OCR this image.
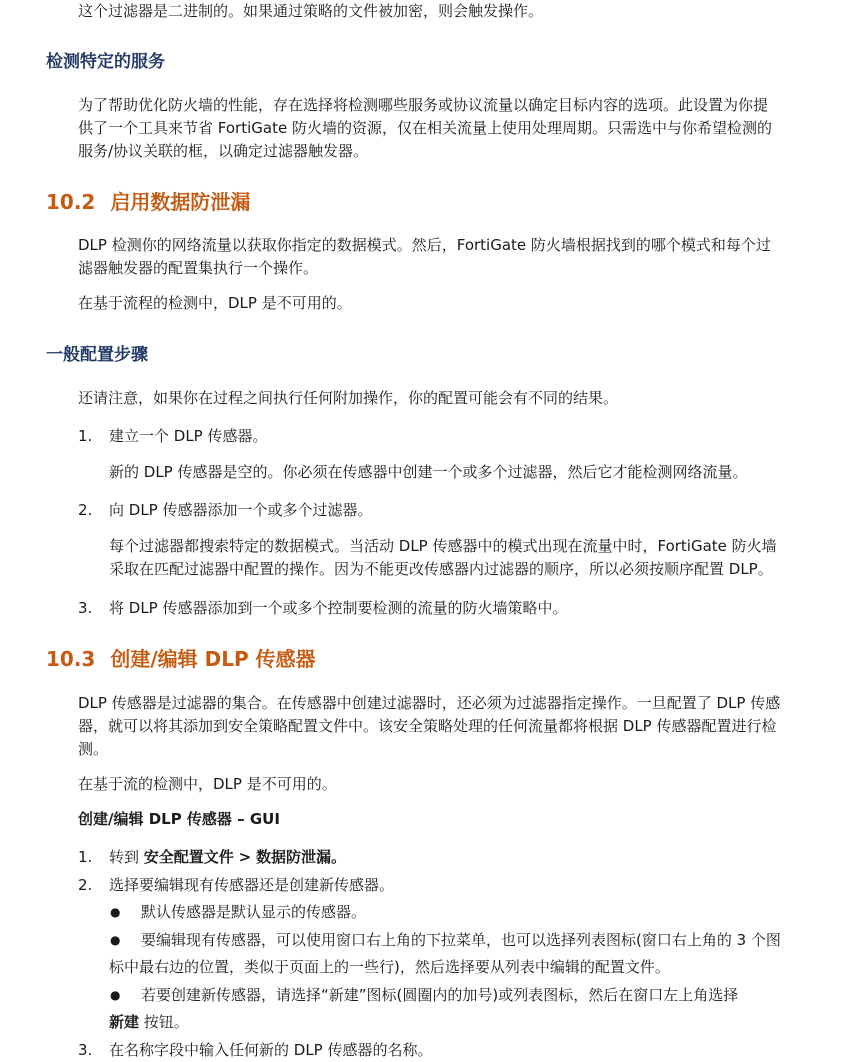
这个过滤器是二进制的。如果通过策略的文件被加密，则会触发操作。
检测特定的服务
为了帮助优化防火墙的性能，存在选择将检测哪些服务或协议流量以确定目标内容的选项。此设置为你提
供了一个工具来节省 FortiGate 防火墙的资源，仅在相关流量上使用处理周期。只需选中与你希望检测的
服务/协议关联的框，以确定过滤器触发器。
10.2 启用数据防泄漏
DLP 检测你的网络流量以获取你指定的数据模式。然后，FortiGate 防火墙根据找到的哪个模式和每个过
滤器触发器的配置集执行一个操作。
在基于流程的检测中，DLP 是不可用的。
一般配置步骤
还请注意，如果你在过程之间执行任何附加操作，你的配置可能会有不同的结果。
1. 建立一个 DLP 传感器。
新的 DLP 传感器是空的。你必须在传感器中创建一个或多个过滤器，然后它才能检测网络流量。
2. 向 DLP 传感器添加一个或多个过滤器。
每个过滤器都搜索特定的数据模式。当活动 DLP 传感器中的模式出现在流量中时，FortiGate 防火墙
采取在匹配过滤器中配置的操作。因为不能更改传感器内过滤器的顺序，所以必须按顺序配置 DLP。
3. 将 DLP 传感器添加到一个或多个控制要检测的流量的防火墙策略中。
10.3 创建/编辑 DLP 传感器
DLP 传感器是过滤器的集合。在传感器中创建过滤器时，还必须为过滤器指定操作。一旦配置了 DLP 传感
器，就可以将其添加到安全策略配置文件中。该安全策略处理的任何流量都将根据 DLP 传感器配置进行检
测。
在基于流的检测中，DLP 是不可用的。
创建/编辑 DLP 传感器 – GUI
1. 转到 安全配置文件 > 数据防泄漏。
2. 选择要编辑现有传感器还是创建新传感器。
● 默认传感器是默认显示的传感器。
● 要编辑现有传感器，可以使用窗口右上角的下拉菜单，也可以选择列表图标(窗口右上角的 3 个图
标中最右边的位置，类似于页面上的一些行)，然后选择要从列表中编辑的配置文件。
● 若要创建新传感器，请选择“新建”图标(圆圈内的加号)或列表图标，然后在窗口左上角选择
新建 按钮。
3. 在名称字段中输入任何新的 DLP 传感器的名称。
